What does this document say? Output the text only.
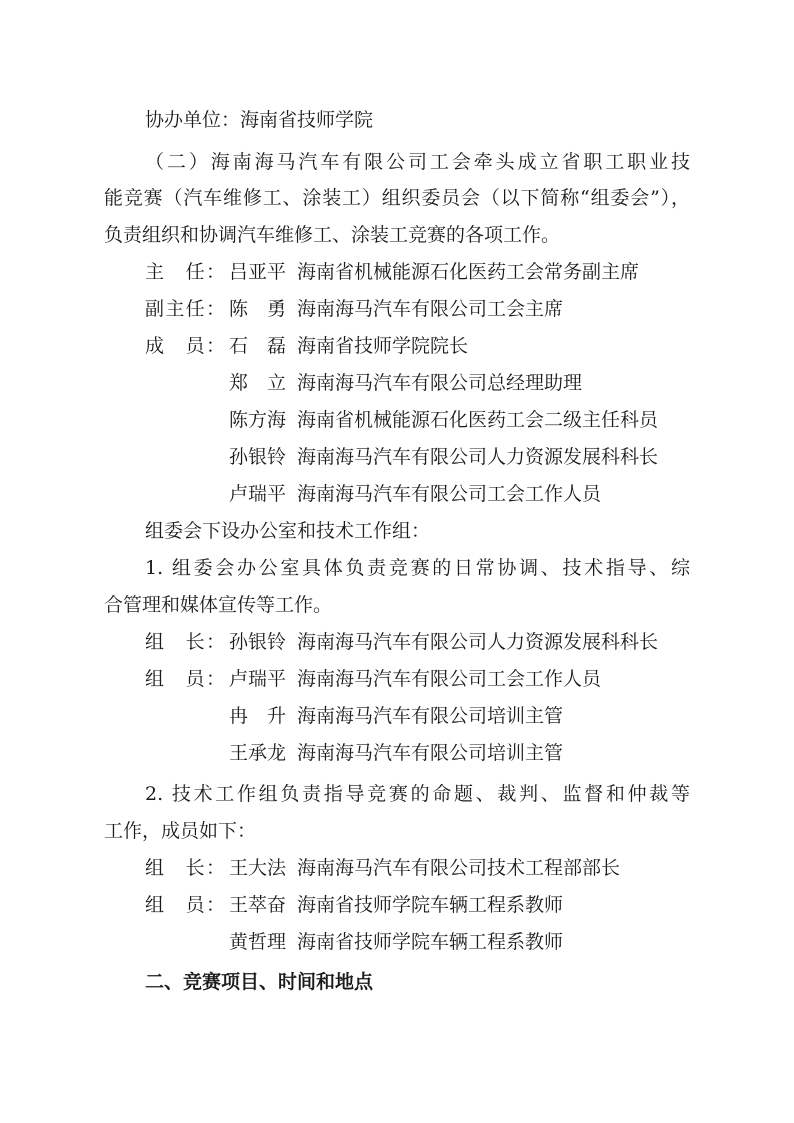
协办单位：海南省技师学院
（二）海南海马汽车有限公司工会牵头成立省职工职业技
能竞赛（汽车维修工、涂装工）组织委员会（以下简称“组委会”），
负责组织和协调汽车维修工、涂装工竞赛的各项工作。
主　任： 吕亚平 海南省机械能源石化医药工会常务副主席
副主任： 陈　勇 海南海马汽车有限公司工会主席
成　员： 石　磊 海南省技师学院院长
郑　立 海南海马汽车有限公司总经理助理
陈方海 海南省机械能源石化医药工会二级主任科员
孙银铃 海南海马汽车有限公司人力资源发展科科长
卢瑞平 海南海马汽车有限公司工会工作人员
组委会下设办公室和技术工作组：
1. 组委会办公室具体负责竞赛的日常协调、技术指导、综
合管理和媒体宣传等工作。
组　长： 孙银铃 海南海马汽车有限公司人力资源发展科科长
组　员： 卢瑞平 海南海马汽车有限公司工会工作人员
冉　升 海南海马汽车有限公司培训主管
王承龙 海南海马汽车有限公司培训主管
2. 技术工作组负责指导竞赛的命题、裁判、监督和仲裁等
工作，成员如下：
组　长： 王大法 海南海马汽车有限公司技术工程部部长
组　员： 王萃奋 海南省技师学院车辆工程系教师
黄哲理 海南省技师学院车辆工程系教师
二、竞赛项目、时间和地点
